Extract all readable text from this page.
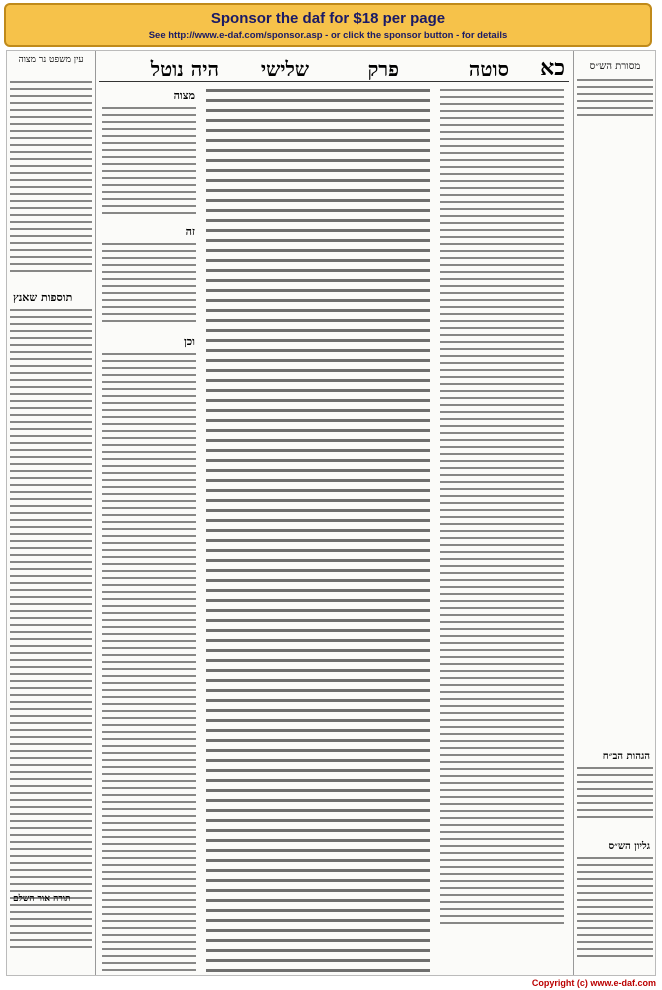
Sponsor the daf for $18 per page
See http://www.e-daf.com/sponsor.asp - or click the sponsor button - for details
כא
סוטה
פרק
שלישי
היה נוטל
עין משפט נר מצוה
תוספות שאנץ
מצוה
זה
וכן
מסורת הש״ס
הגהות הב״ח
גליון הש״ס
תורה אור השלם
Copyright (c) www.e-daf.com
